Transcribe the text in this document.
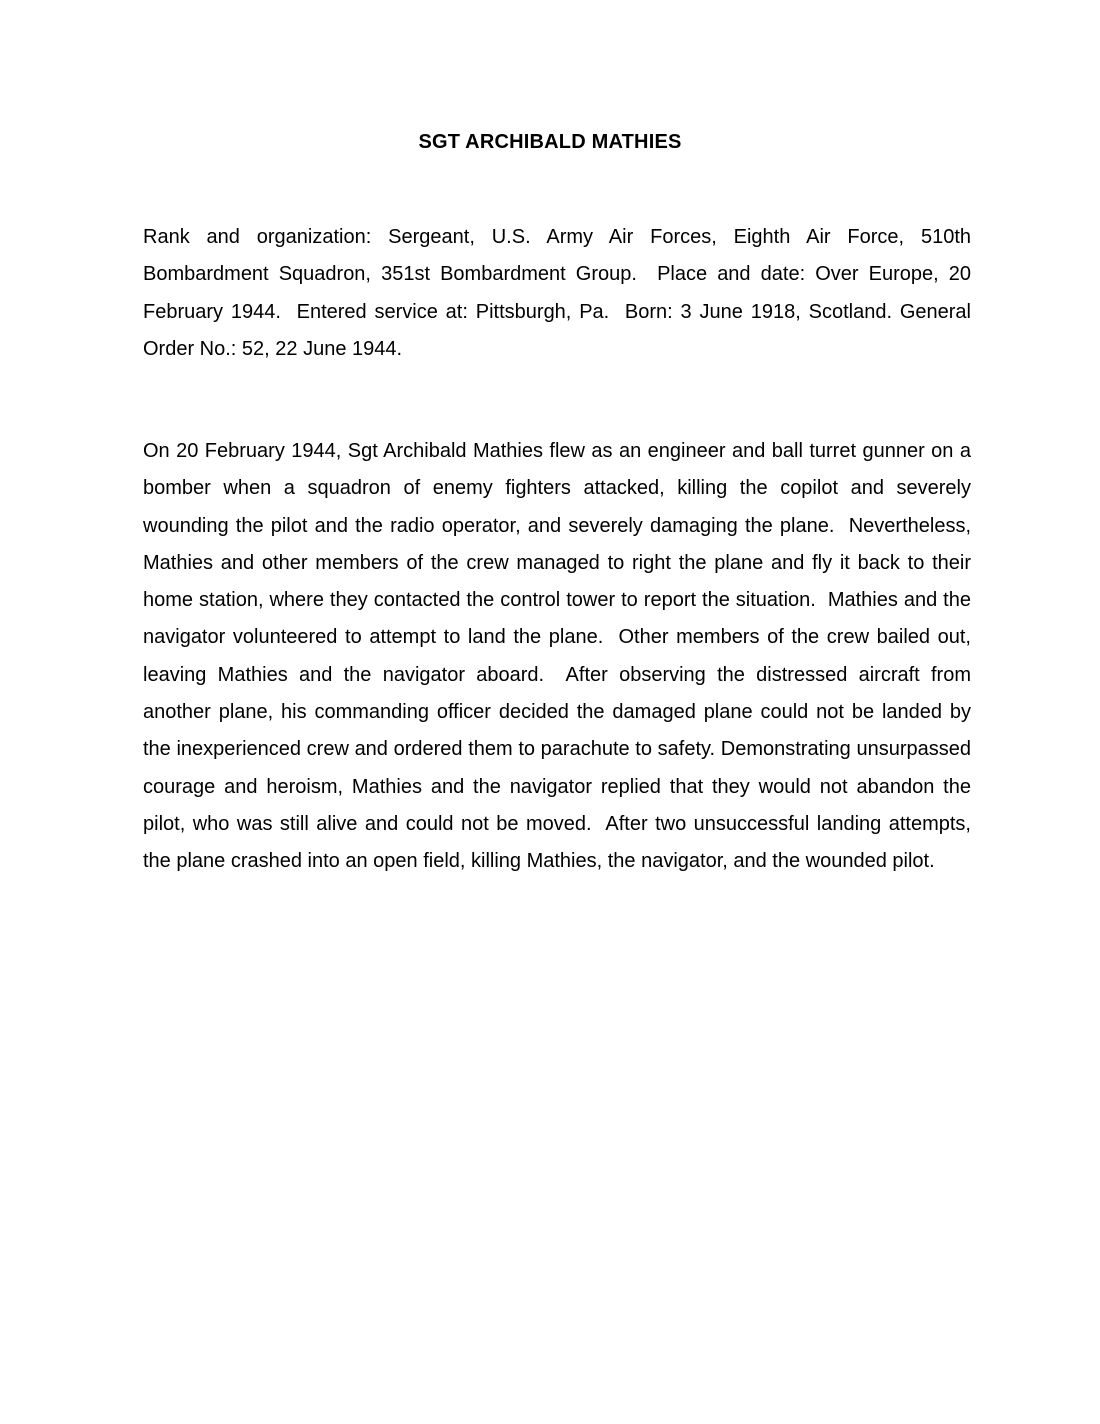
SGT ARCHIBALD MATHIES

Rank and organization: Sergeant, U.S. Army Air Forces, Eighth Air Force, 510th Bombardment Squadron, 351st Bombardment Group.  Place and date: Over Europe, 20 February 1944.  Entered service at: Pittsburgh, Pa.  Born: 3 June 1918, Scotland. General Order No.: 52, 22 June 1944.

On 20 February 1944, Sgt Archibald Mathies flew as an engineer and ball turret gunner on a bomber when a squadron of enemy fighters attacked, killing the copilot and severely wounding the pilot and the radio operator, and severely damaging the plane.  Nevertheless, Mathies and other members of the crew managed to right the plane and fly it back to their home station, where they contacted the control tower to report the situation.  Mathies and the navigator volunteered to attempt to land the plane.  Other members of the crew bailed out, leaving Mathies and the navigator aboard.  After observing the distressed aircraft from another plane, his commanding officer decided the damaged plane could not be landed by the inexperienced crew and ordered them to parachute to safety. Demonstrating unsurpassed courage and heroism, Mathies and the navigator replied that they would not abandon the pilot, who was still alive and could not be moved.  After two unsuccessful landing attempts, the plane crashed into an open field, killing Mathies, the navigator, and the wounded pilot.
